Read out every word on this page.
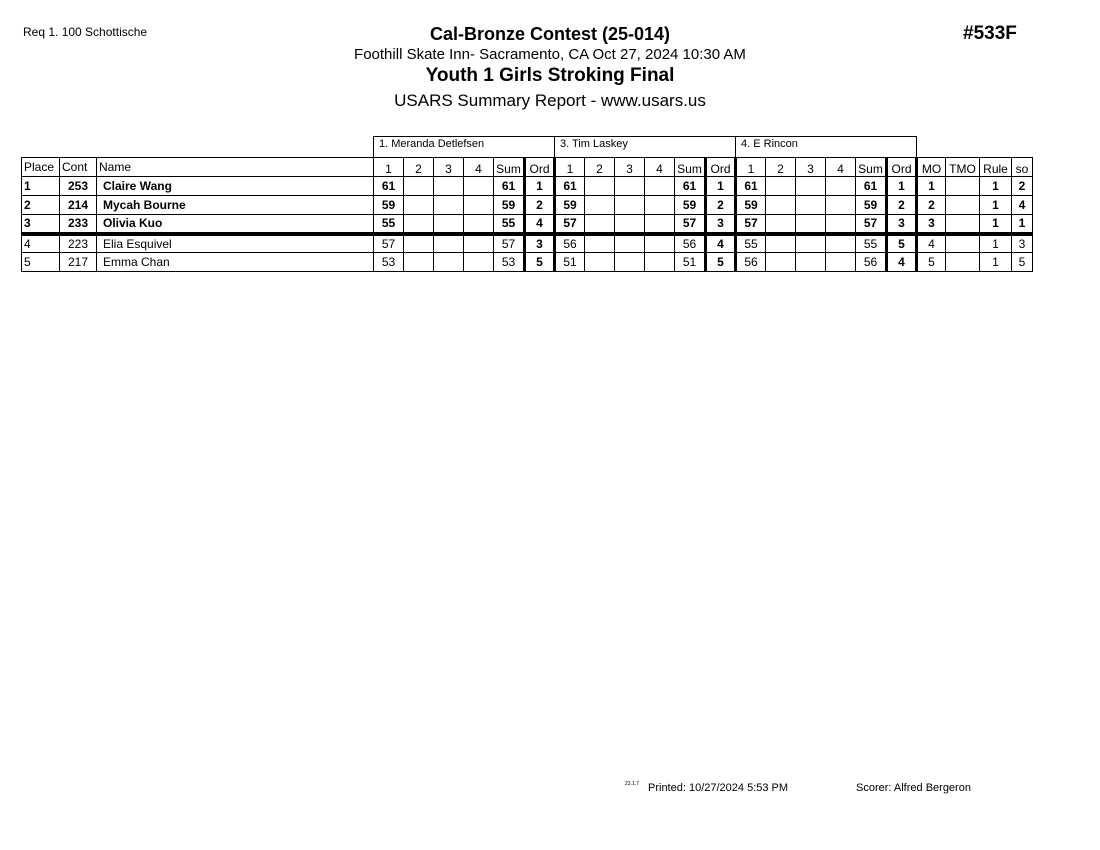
Req 1. 100 Schottische	#533F
Cal-Bronze Contest (25-014)
Foothill Skate Inn- Sacramento, CA Oct 27, 2024 10:30 AM
Youth 1 Girls Stroking Final
USARS Summary Report - www.usars.us
			1. Meranda Detlefsen						3. Tim Laskey						4. E Rincon									
Place	Cont	Name	1	2	3	4	Sum	Ord	1	2	3	4	Sum	Ord	1	2	3	4	Sum	Ord	MO	TMO	Rule	so
1	253	Claire Wang	61				61	1	61				61	1	61				61	1	1		1	2
2	214	Mycah Bourne	59				59	2	59				59	2	59				59	2	2		1	4
3	233	Olivia Kuo	55				55	4	57				57	3	57				57	3	3		1	1
4	223	Elia Esquivel	57				57	3	56				56	4	55				55	5	4		1	3
5	217	Emma Chan	53				53	5	51				51	5	56				56	4	5		1	5
23.1.7 Printed: 10/27/2024 5:53 PM	Scorer: Alfred Bergeron
